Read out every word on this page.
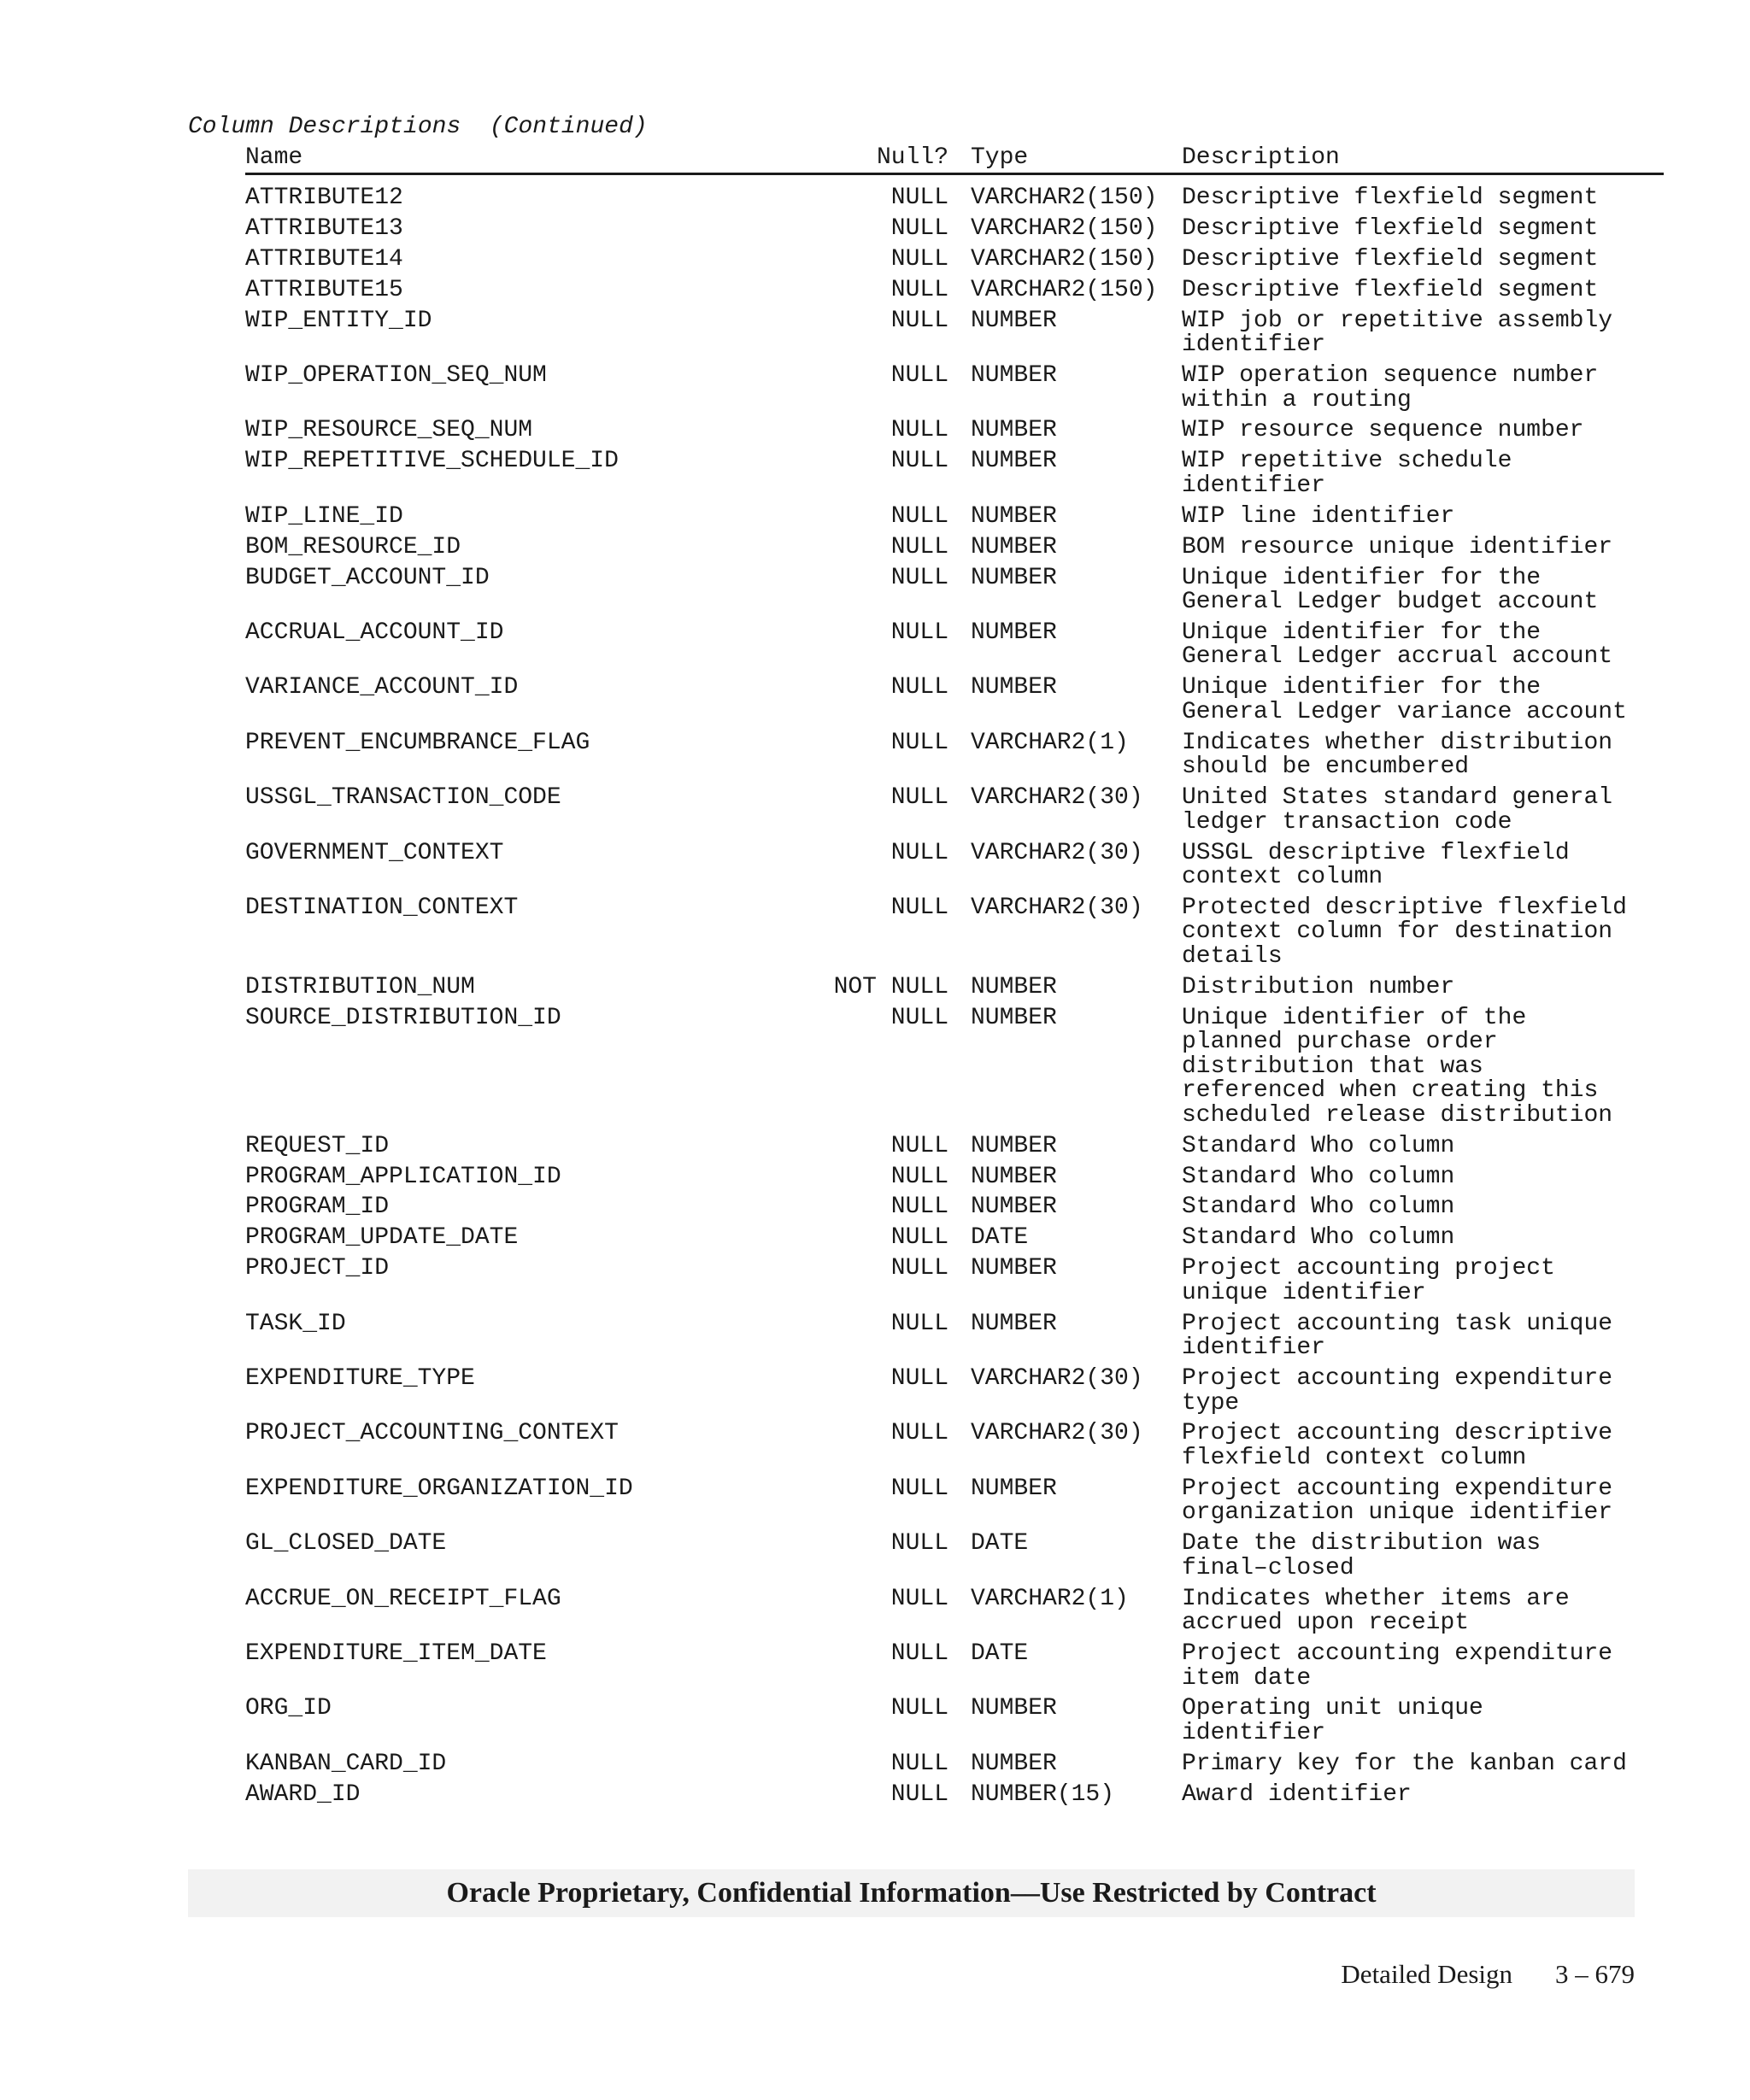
Column Descriptions  (Continued)
Name	Null? Type	Description
ATTRIBUTE12	NULL VARCHAR2(150) Descriptive flexfield segment
ATTRIBUTE13	NULL VARCHAR2(150) Descriptive flexfield segment
ATTRIBUTE14	NULL VARCHAR2(150) Descriptive flexfield segment
ATTRIBUTE15	NULL VARCHAR2(150) Descriptive flexfield segment
WIP_ENTITY_ID	NULL NUMBER	WIP job or repetitive assembly
identifier
WIP_OPERATION_SEQ_NUM	NULL NUMBER	WIP operation sequence number
within a routing
WIP_RESOURCE_SEQ_NUM	NULL NUMBER	WIP resource sequence number
WIP_REPETITIVE_SCHEDULE_ID	NULL NUMBER	WIP repetitive schedule
identifier
WIP_LINE_ID	NULL NUMBER	WIP line identifier
BOM_RESOURCE_ID	NULL NUMBER	BOM resource unique identifier
BUDGET_ACCOUNT_ID	NULL NUMBER	Unique identifier for the
General Ledger budget account
ACCRUAL_ACCOUNT_ID	NULL NUMBER	Unique identifier for the
General Ledger accrual account
VARIANCE_ACCOUNT_ID	NULL NUMBER	Unique identifier for the
General Ledger variance account
PREVENT_ENCUMBRANCE_FLAG	NULL VARCHAR2(1) Indicates whether distribution
should be encumbered
USSGL_TRANSACTION_CODE	NULL VARCHAR2(30) United States standard general
ledger transaction code
GOVERNMENT_CONTEXT	NULL VARCHAR2(30) USSGL descriptive flexfield
context column
DESTINATION_CONTEXT	NULL VARCHAR2(30) Protected descriptive flexfield
context column for destination
details
DISTRIBUTION_NUM	NOT NULL NUMBER	Distribution number
SOURCE_DISTRIBUTION_ID	NULL NUMBER	Unique identifier of the
planned purchase order
distribution that was
referenced when creating this
scheduled release distribution
REQUEST_ID	NULL NUMBER	Standard Who column
PROGRAM_APPLICATION_ID	NULL NUMBER	Standard Who column
PROGRAM_ID	NULL NUMBER	Standard Who column
PROGRAM_UPDATE_DATE	NULL DATE	Standard Who column
PROJECT_ID	NULL NUMBER	Project accounting project
unique identifier
TASK_ID	NULL NUMBER	Project accounting task unique
identifier
EXPENDITURE_TYPE	NULL VARCHAR2(30) Project accounting expenditure
type
PROJECT_ACCOUNTING_CONTEXT	NULL VARCHAR2(30) Project accounting descriptive
flexfield context column
EXPENDITURE_ORGANIZATION_ID	NULL NUMBER	Project accounting expenditure
organization unique identifier
GL_CLOSED_DATE	NULL DATE	Date the distribution was
final–closed
ACCRUE_ON_RECEIPT_FLAG	NULL VARCHAR2(1) Indicates whether items are
accrued upon receipt
EXPENDITURE_ITEM_DATE	NULL DATE	Project accounting expenditure
item date
ORG_ID	NULL NUMBER	Operating unit unique
identifier
KANBAN_CARD_ID	NULL NUMBER	Primary key for the kanban card
AWARD_ID	NULL NUMBER(15)	Award identifier
Oracle Proprietary, Confidential Information––Use Restricted by Contract
Detailed Design 3 – 679
